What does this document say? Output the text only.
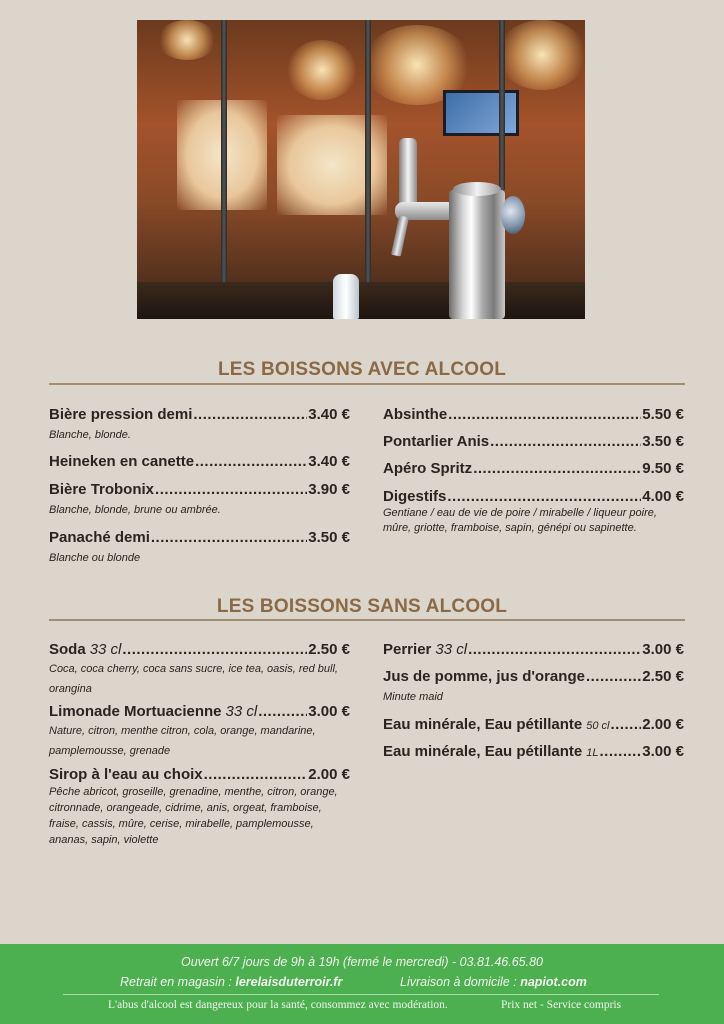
LES BOISSONS AVEC ALCOOL
Bière pression demi .....	3.40 €
Blanche, blonde.
Heineken en canette .....	3.40 €
Bière Trobonix .....	3.90 €
Blanche, blonde, brune ou ambrée.
Panaché demi .....	3.50 €
Blanche ou blonde
Absinthe .....	5.50 €
Pontarlier Anis .....	3.50 €
Apéro Spritz .....	9.50 €
Digestifs .....	4.00 €
Gentiane / eau de vie de poire / mirabelle / liqueur poire, mûre, griotte, framboise, sapin, génépi ou sapinette.
LES BOISSONS SANS ALCOOL
Soda 33 cl .....	2.50 €
Coca, coca cherry, coca sans sucre, ice tea, oasis, red bull, orangina
Limonade Mortuacienne 33 cl .....	3.00 €
Nature, citron, menthe citron, cola, orange, mandarine, pamplemousse, grenade
Sirop à l'eau au choix .....	2.00 €
Pêche abricot, groseille, grenadine, menthe, citron, orange, citronnade, orangeade, cidrime, anis, orgeat, framboise, fraise, cassis, mûre, cerise, mirabelle, pamplemousse, ananas, sapin, violette
Perrier 33 cl .....	3.00 €
Jus de pomme, jus d'orange .....	2.50 €
Minute maid
Eau minérale, Eau pétillante 50 cl ..... 2.00 €
Eau minérale, Eau pétillante 1L .....	3.00 €
Ouvert 6/7 jours de 9h à 19h (fermé le mercredi) - 03.81.46.65.80
Retrait en magasin : lerelaisduterroir.fr	Livraison à domicile : napiot.com
L'abus d'alcool est dangereux pour la santé, consommez avec modération.	Prix net - Service compris
